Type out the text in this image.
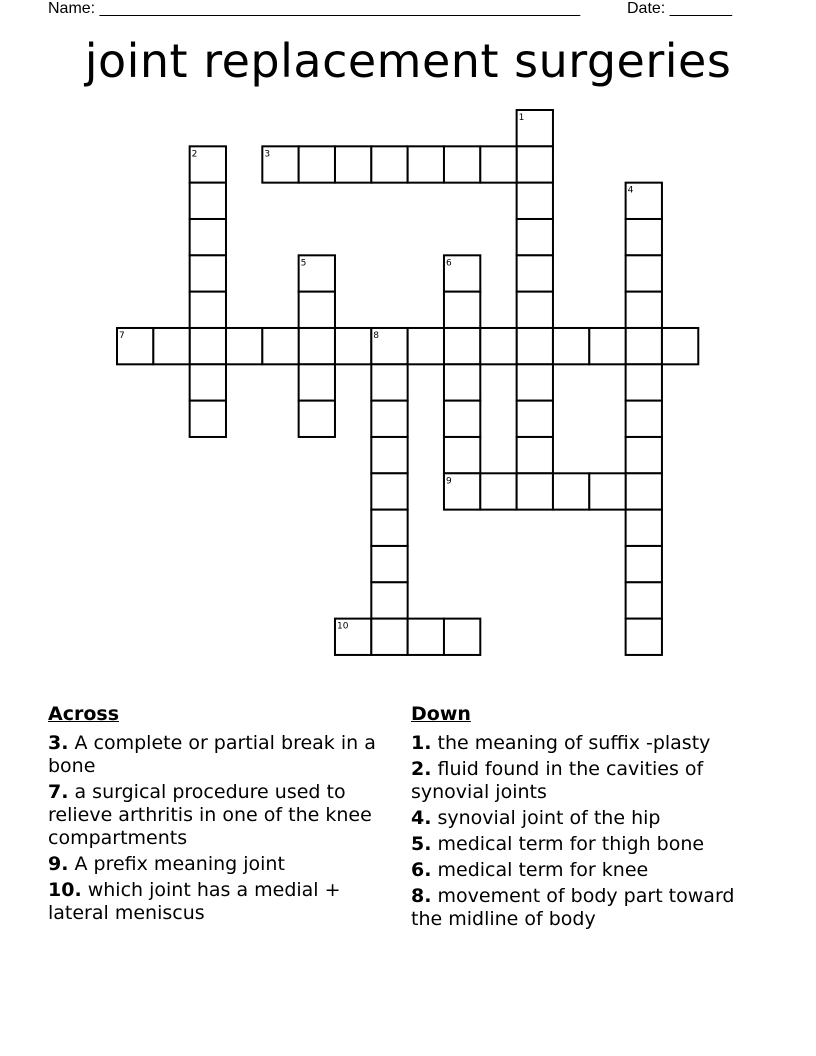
Name: ______________________________________________________	Date: _______
joint replacement surgeries
1
2	3
4
5	6
7	8
9
10
Across
3. A complete or partial break in a bone
7. a surgical procedure used to relieve arthritis in one of the knee compartments
9. A prefix meaning joint
10. which joint has a medial + lateral meniscus
Down
1. the meaning of suffix -plasty
2. fluid found in the cavities of synovial joints
4. synovial joint of the hip
5. medical term for thigh bone
6. medical term for knee
8. movement of body part toward the midline of body
